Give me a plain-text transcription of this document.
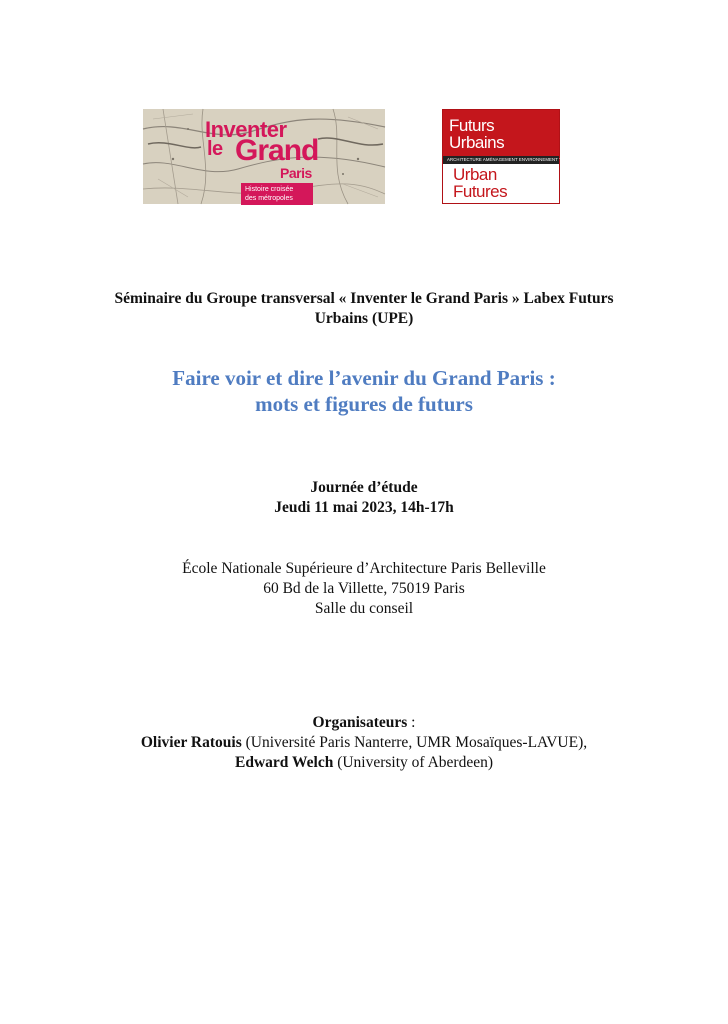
Inventer
le Grand
Paris
Histoire croisée
des métropoles
Futurs
Urbains
ARCHITECTURE AMÉNAGEMENT ENVIRONNEMENT TRANSPORT
Urban
Futures
Séminaire du Groupe transversal « Inventer le Grand Paris » Labex Futurs
Urbains (UPE)
Faire voir et dire l’avenir du Grand Paris :
mots et figures de futurs
Journée d’étude
Jeudi 11 mai 2023, 14h-17h
École Nationale Supérieure d’Architecture Paris Belleville
60 Bd de la Villette, 75019 Paris
Salle du conseil
Organisateurs :
Olivier Ratouis (Université Paris Nanterre, UMR Mosaïques-LAVUE),
Edward Welch (University of Aberdeen)
